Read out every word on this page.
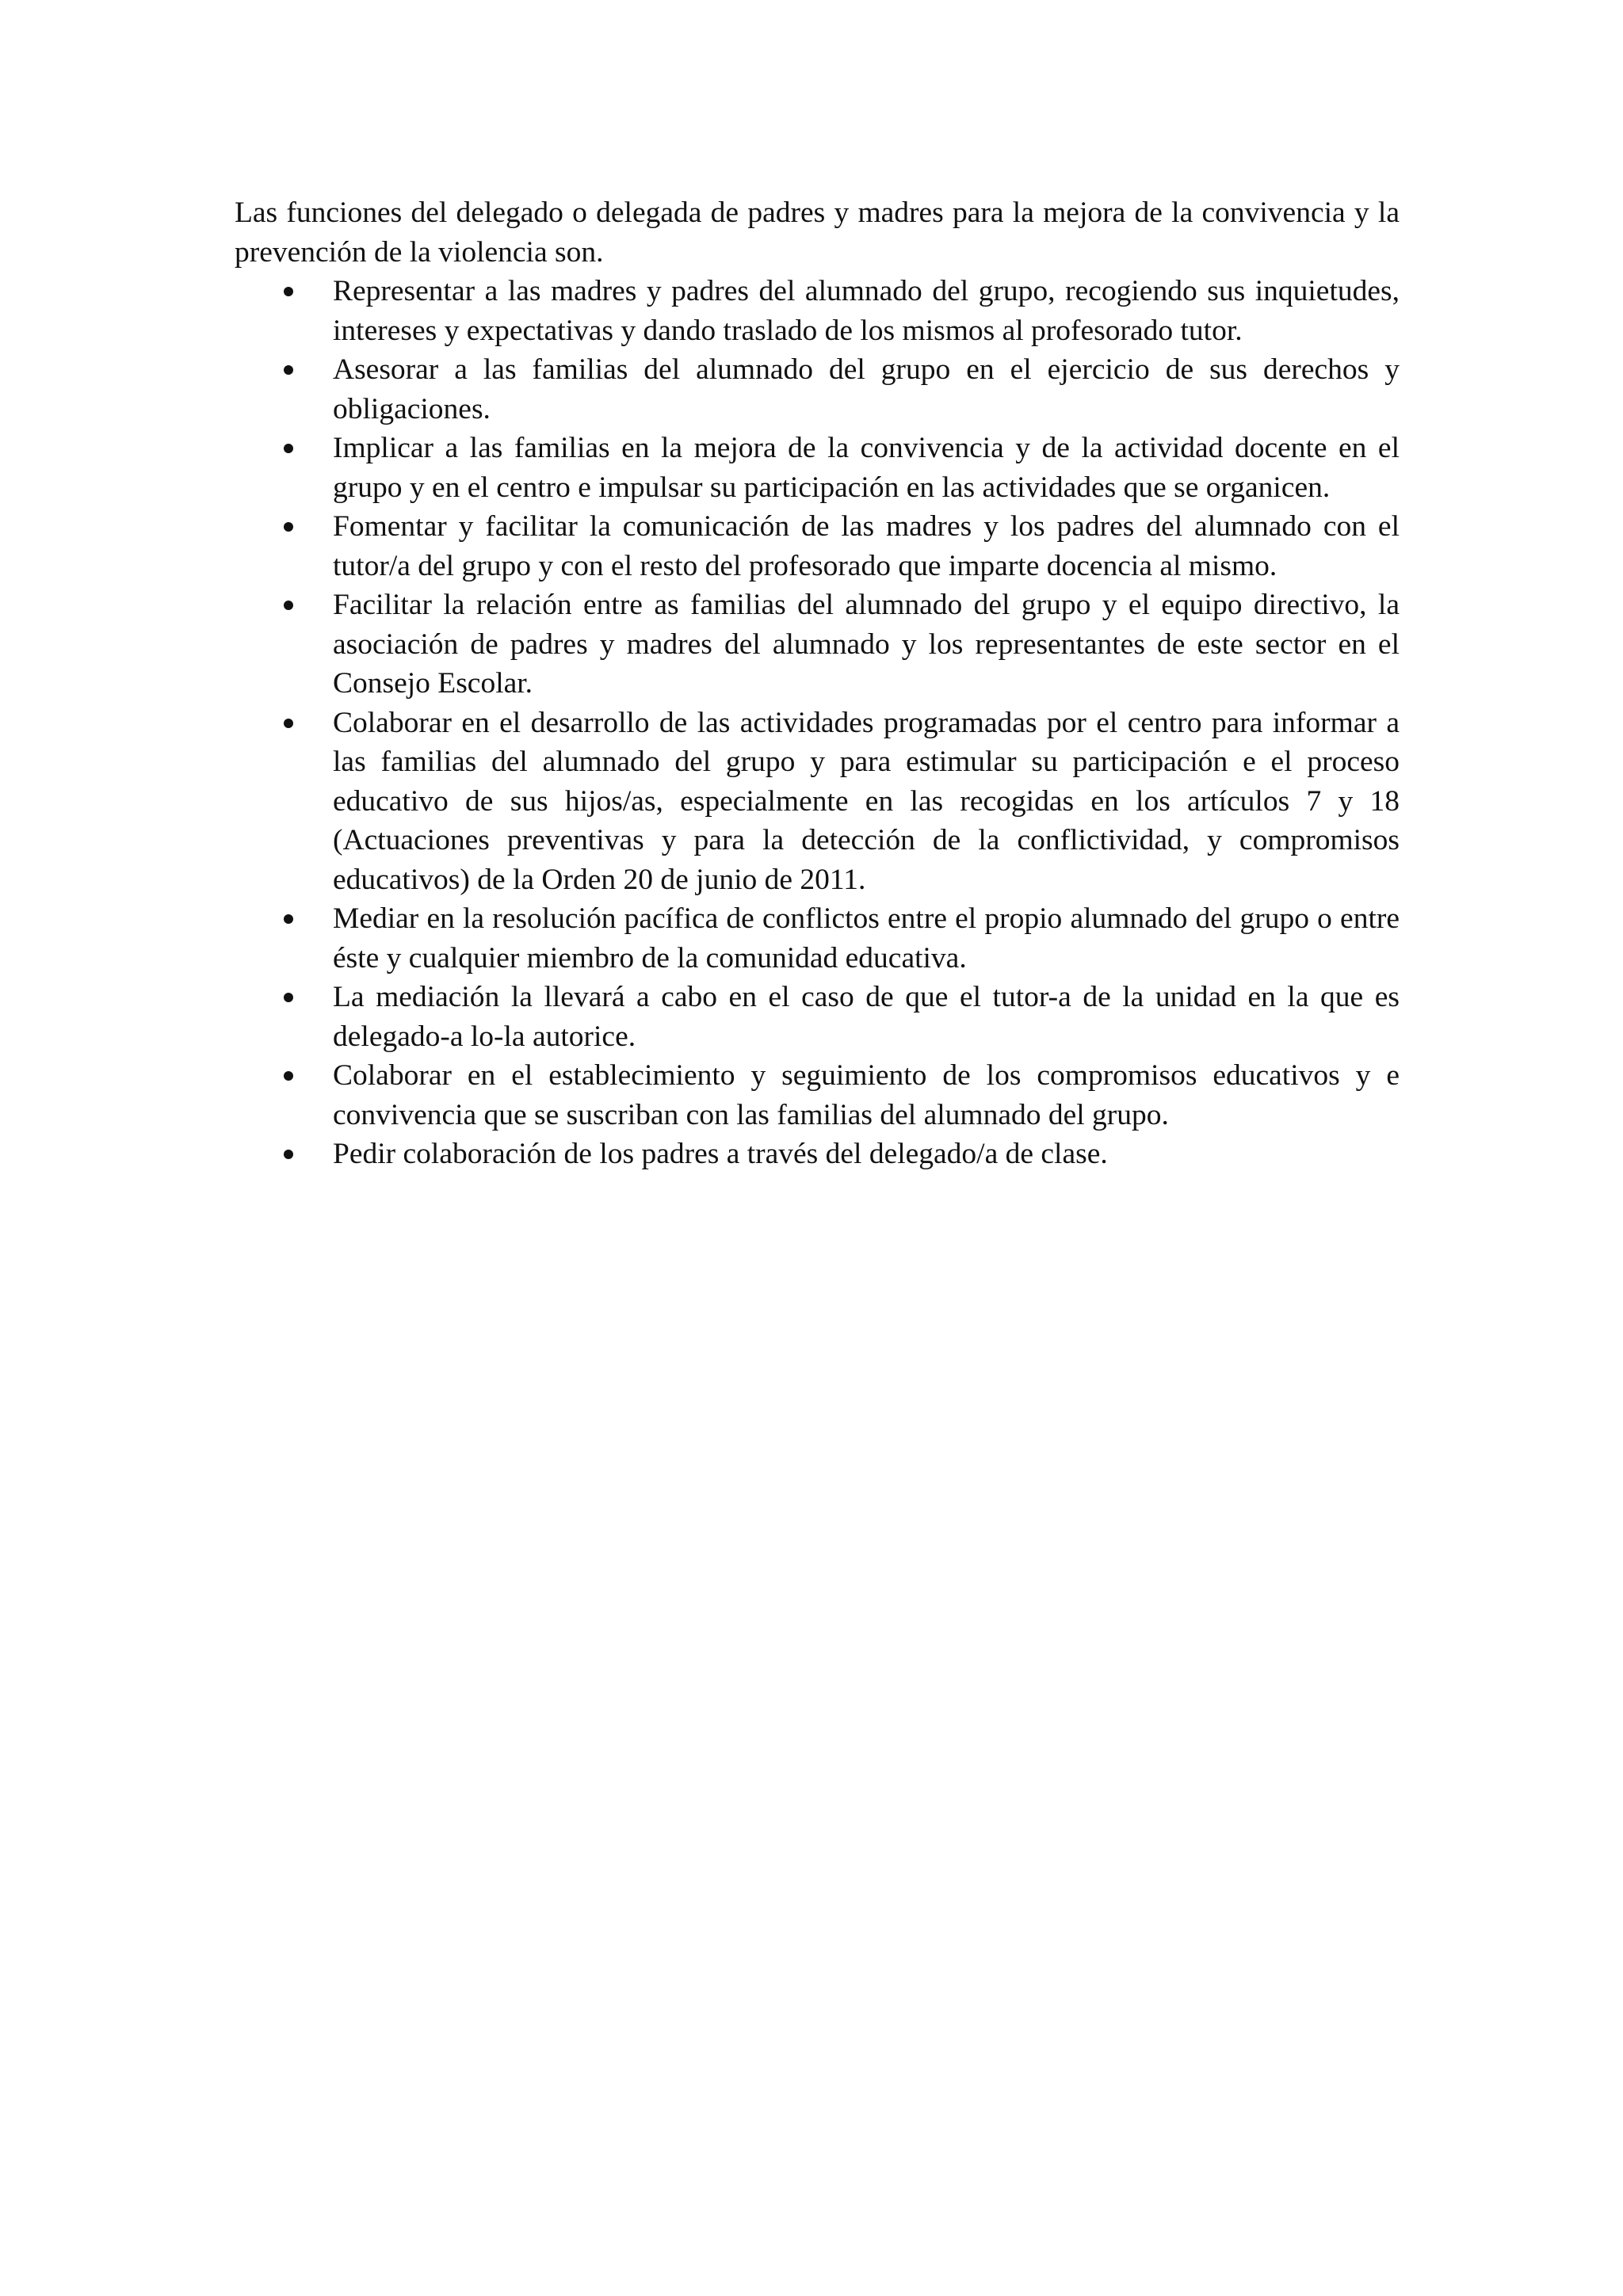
Las funciones del delegado o delegada de padres y madres para la mejora de la convivencia y la prevención de la violencia son.

Representar a las madres y padres del alumnado del grupo, recogiendo sus inquietudes, intereses y expectativas y dando traslado de los mismos al profesorado tutor.
Asesorar a las familias del alumnado del grupo en el ejercicio de sus derechos y obligaciones.
Implicar a las familias en la mejora de la convivencia y de la actividad docente en el grupo y en el centro e impulsar su participación en las actividades que se organicen.
Fomentar y facilitar la comunicación de las madres y los padres del alumnado con el tutor/a del grupo y con el resto del profesorado que imparte docencia al mismo.
Facilitar la relación entre as familias del alumnado del grupo y el equipo directivo, la asociación de padres y madres del alumnado y los representantes de este sector en el Consejo Escolar.
Colaborar en el desarrollo de las actividades programadas por el centro para informar a las familias del alumnado del grupo y para estimular su participación e el proceso educativo de sus hijos/as, especialmente en las recogidas en los artículos 7 y 18 (Actuaciones preventivas y para la detección de la conflictividad, y compromisos educativos) de la Orden 20 de junio de 2011.
Mediar en la resolución pacífica de conflictos entre el propio alumnado del grupo o entre éste y cualquier miembro de la comunidad educativa.
La mediación la llevará a cabo en el caso de que el tutor-a de la unidad en la que es delegado-a lo-la autorice.
Colaborar en el establecimiento y seguimiento de los compromisos educativos y e convivencia que se suscriban con las familias del alumnado del grupo.
Pedir colaboración de los padres a través del delegado/a de clase.
